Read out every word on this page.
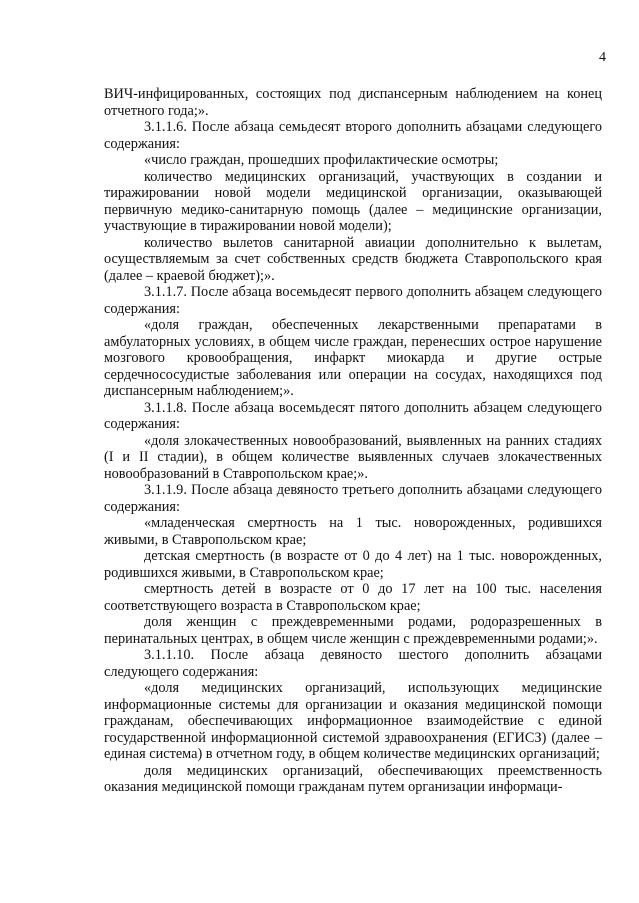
4

ВИЧ-инфицированных, состоящих под диспансерным наблюдением на конец отчетного года;».

3.1.1.6. После абзаца семьдесят второго дополнить абзацами следующего содержания:

«число граждан, прошедших профилактические осмотры;

количество медицинских организаций, участвующих в создании и тиражировании новой модели медицинской организации, оказывающей первичную медико-санитарную помощь (далее – медицинские организации, участвующие в тиражировании новой модели);

количество вылетов санитарной авиации дополнительно к вылетам, осуществляемым за счет собственных средств бюджета Ставропольского края (далее – краевой бюджет);».

3.1.1.7. После абзаца восемьдесят первого дополнить абзацем следующего содержания:

«доля граждан, обеспеченных лекарственными препаратами в амбулаторных условиях, в общем числе граждан, перенесших острое нарушение мозгового кровообращения, инфаркт миокарда и другие острые сердечнососудистые заболевания или операции на сосудах, находящихся под диспансерным наблюдением;».

3.1.1.8. После абзаца восемьдесят пятого дополнить абзацем следующего содержания:

«доля злокачественных новообразований, выявленных на ранних стадиях (I и II стадии), в общем количестве выявленных случаев злокачественных новообразований в Ставропольском крае;».

3.1.1.9. После абзаца девяносто третьего дополнить абзацами следующего содержания:

«младенческая смертность на 1 тыс. новорожденных, родившихся живыми, в Ставропольском крае;

детская смертность (в возрасте от 0 до 4 лет) на 1 тыс. новорожденных, родившихся живыми, в Ставропольском крае;

смертность детей в возрасте от 0 до 17 лет на 100 тыс. населения соответствующего возраста в Ставропольском крае;

доля женщин с преждевременными родами, родоразрешенных в перинатальных центрах, в общем числе женщин с преждевременными родами;».

3.1.1.10. После абзаца девяносто шестого дополнить абзацами следующего содержания:

«доля медицинских организаций, использующих медицинские информационные системы для организации и оказания медицинской помощи гражданам, обеспечивающих информационное взаимодействие с единой государственной информационной системой здравоохранения (ЕГИСЗ) (далее – единая система) в отчетном году, в общем количестве медицинских организаций;

доля медицинских организаций, обеспечивающих преемственность оказания медицинской помощи гражданам путем организации информаци-
